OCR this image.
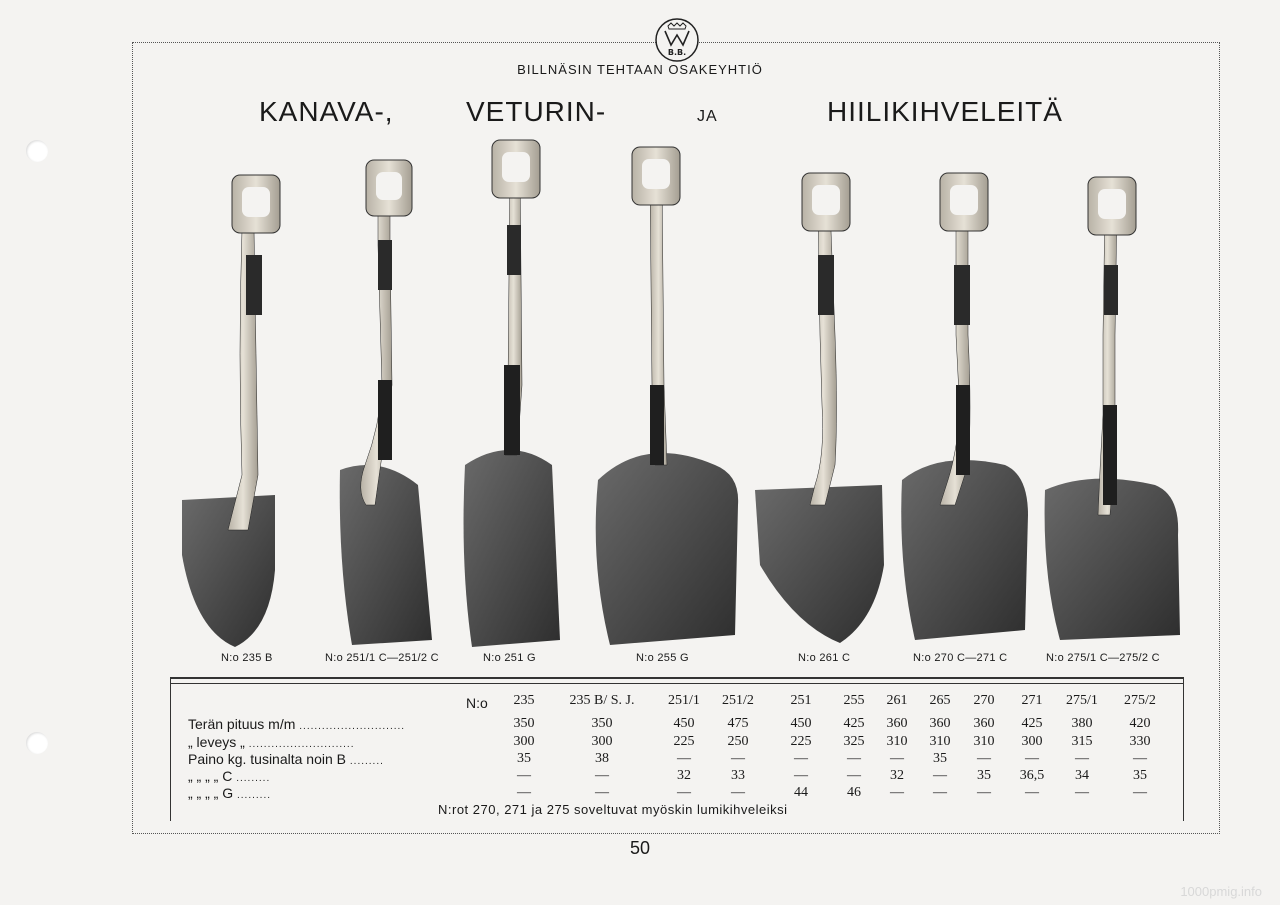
B.B.
BILLNÄSIN TEHTAAN OSAKEYHTIÖ
KANAVA-,	VETURIN-	JA	HIILIKIHVELEITÄ
N:o 235 B	N:o 251/1 C—251/2 C	N:o 251 G	N:o 255 G	N:o 261 C	N:o 270 C—271 C	N:o 275/1 C—275/2 C
N:o	235	235 B/ S. J.	251/1	251/2	251	255	261	265	270	271	275/1	275/2
Terän pituus m/m ............................	350	350	450	475	450	425	360	360	360	425	380	420
„ leveys „ ............................	300	300	225	250	225	325	310	310	310	300	315	330
Paino kg. tusinalta noin B .........	35	38	—	—	—	—	—	35	—	—	—	—
„ „ „ „ C .........	—	—	32	33	—	—	32	—	35	36,5	34	35
„ „ „ „ G .........	—	—	—	—	44	46	—	—	—	—	—	—
N:rot 270, 271 ja 275 soveltuvat myöskin lumikihveleiksi
50
1000pmig.info
